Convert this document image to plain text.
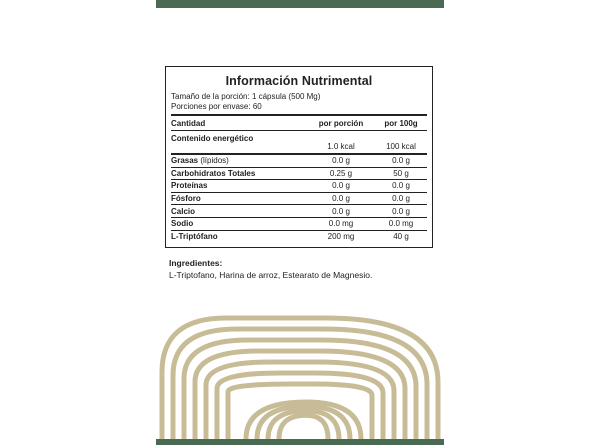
Información Nutrimental
Tamaño de la porción: 1 cápsula (500 Mg)
Porciones por envase: 60
Cantidad	por porción	por 100g
Contenido energético
1.0 kcal	100 kcal
Grasas (lípidos)	0.0 g	0.0 g
Carbohidratos Totales	0.25 g	50 g
Proteínas	0.0 g	0.0 g
Fósforo	0.0 g	0.0 g
Calcio	0.0 g	0.0 g
Sodio	0.0 mg	0.0 mg
L-Triptófano	200 mg	40 g
Ingredientes:
L-Triptofano, Harina de arroz, Estearato de Magnesio.
